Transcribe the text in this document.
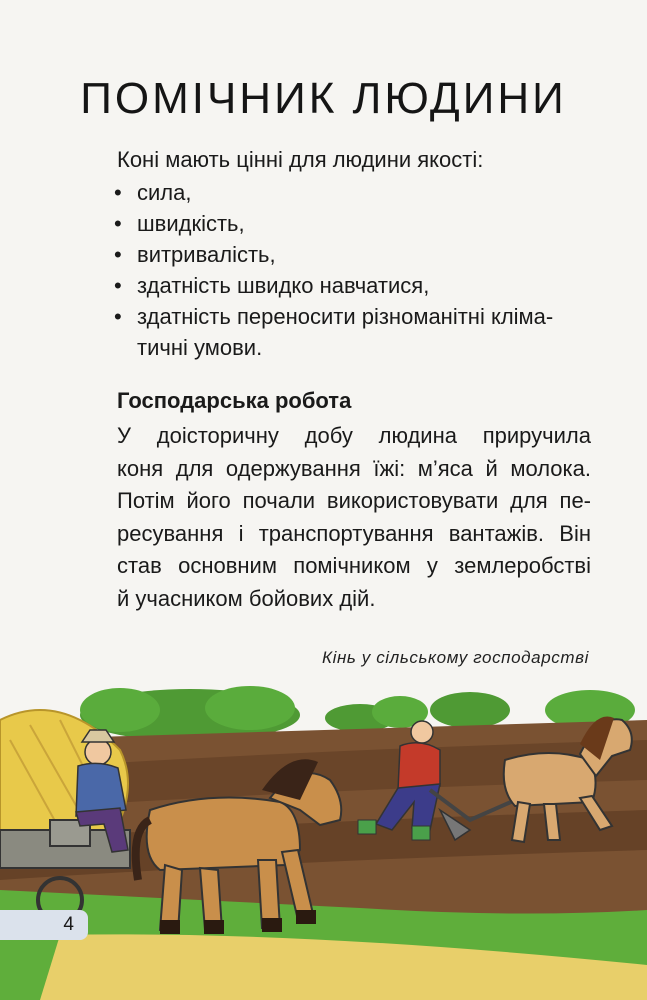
ПОМІЧНИК ЛЮДИНИ
Коні мають цінні для людини якості:
• сила,
• швидкість,
• витривалість,
• здатність швидко навчатися,
• здатність переносити різноманітні кліма-
тичні умови.
Господарська робота
У доісторичну добу людина приручила
коня для одержування їжі: м’яса й молока.
Потім його почали використовувати для пе-
ресування і транспортування вантажів. Він
став основним помічником у землеробстві
й учасником бойових дій.
Кінь у сільському господарстві
4
